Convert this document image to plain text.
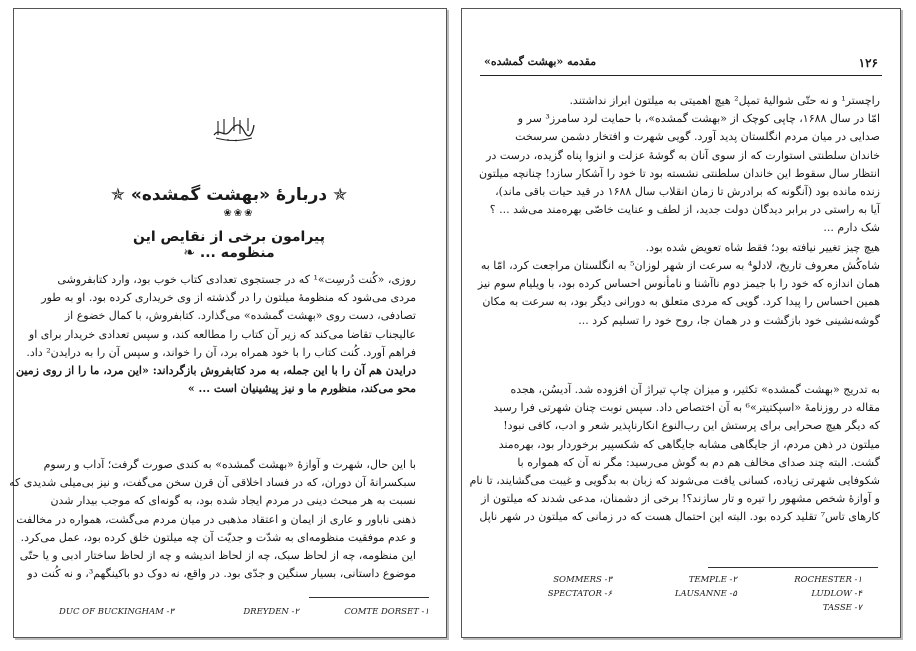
✯ دربارهٔ «بهشت گمشده» ✯
❀❀❀
پیرامون برخی از نقایص این منظومه ... ❧
روزی، «کُنت دُرسِت»¹ که در جستجوی تعدادی کتاب خوب بود، وارد کتابفروشی
مردی می‌شود که منظومهٔ میلتون را در گذشته از وی خریداری کرده بود. او به طور
تصادفی، دست روی «بهشت گمشده» می‌گذارد. کتابفروش، با کمال خضوع از
عالیجناب تقاضا می‌کند که زیر آن کتاب را مطالعه کند، و سپس تعدادی خریدار برای او
فراهم آورد. کُنت کتاب را با خود همراه برد، آن را خواند، و سپس آن را به درایدن² داد.
درایدن هم آن را با این جمله، به مرد کتابفروش بازگرداند: «این مرد، ما را از روی زمین
محو می‌کند، منظورم ما و نیز پیشینیان است ... »
با این حال، شهرت و آوازهٔ «بهشت گمشده» به کندی صورت گرفت؛ آداب و رسوم
سبکسرانهٔ آن دوران، که در فساد اخلاقی آن قرن سخن می‌گفت، و نیز بی‌میلی شدیدی که
نسبت به هر مبحث دینی در مردم ایجاد شده بود، به گونه‌ای که موجب بیدار شدن
ذهنی ناباور و عاری از ایمان و اعتقاد مذهبی در میان مردم می‌گشت، همواره در مخالفت
و عدم موفقیت منظومه‌ای به شدّت و جدیّت آن چه میلتون خلق کرده بود، عمل می‌کرد.
این منظومه، چه از لحاظ سبک، چه از لحاظ اندیشه و چه از لحاظ ساختار ادبی و یا حتّی
موضوع داستانی، بسیار سنگین و جدّی بود. در واقع، نه دوک دو باکینگهم³، و نه کُنت دو
COMTE DORSET -۱
DREYDEN -۲
DUC OF BUCKINGHAM -۳
۱۲۶
مقدمه «بهشت گمشده»
راچستر¹ و نه حتّی شوالیهٔ تمپل² هیچ اهمیتی به میلتون ابراز نداشتند.
امّا در سال ۱۶۸۸، چاپی کوچک از «بهشت گمشده»، با حمایت لرد سامرز³ سر و
صدایی در میان مردم انگلستان پدید آورد. گویی شهرت و افتخار دشمن سرسخت
خاندان سلطنتی استوارت که از سوی آنان به گوشهٔ عزلت و انزوا پناه گزیده، درست در
انتظار سال سقوط این خاندان سلطنتی نشسته بود تا خود را آشکار سازد! چنانچه میلتون
زنده مانده بود (آنگونه که برادرش تا زمان انقلاب سال ۱۶۸۸ در قید حیات باقی ماند)،
آیا به راستی در برابر دیدگان دولت جدید، از لطف و عنایت خاصّی بهره‌مند می‌شد ... ؟
شک دارم ...
هیچ چیز تغییر نیافته بود؛ فقط شاه تعویض شده بود.
شاه‌کُش معروف تاریخ، لادلو⁴ به سرعت از شهر لوزان⁵ به انگلستان مراجعت کرد، امّا به
همان اندازه که خود را با جیمز دوم ناآشنا و نامأنوس احساس کرده بود، با ویلیام سوم نیز
همین احساس را پیدا کرد. گویی که مردی متعلق به دورانی دیگر بود، به سرعت به مکان
گوشه‌نشینی خود بازگشت و در همان جا، روح خود را تسلیم کرد ...
به تدریج «بهشت گمشده» تکثیر، و میزان چاپ تیراژ آن افزوده شد. آدیسُن، هجده
مقاله در روزنامهٔ «اسپکتیتر»⁶ به آن اختصاص داد. سپس نوبت چنان شهرتی فرا رسید
که دیگر هیچ صحرایی برای پرستش این رب‌النوع انکارناپذیر شعر و ادب، کافی نبود!
میلتون در ذهن مردم، از جایگاهی مشابه جایگاهی که شکسپیر برخوردار بود، بهره‌مند
گشت. البته چند صدای مخالف هم دم به گوش می‌رسید: مگر نه آن که همواره با
شکوفایی شهرتی زیاده، کسانی یافت می‌شوند که زبان به بدگویی و غیبت می‌گشایند، تا نام
و آوازهٔ شخص مشهور را تیره و تار سازند؟! برخی از دشمنان، مدعی شدند که میلتون از
کارهای تاس⁷ تقلید کرده بود. البته این احتمال هست که در زمانی که میلتون در شهر ناپل
ROCHESTER -۱
TEMPLE -۲
SOMMERS -۳
LUDLOW -۴
LAUSANNE -۵
SPECTATOR -۶
TASSE -۷
